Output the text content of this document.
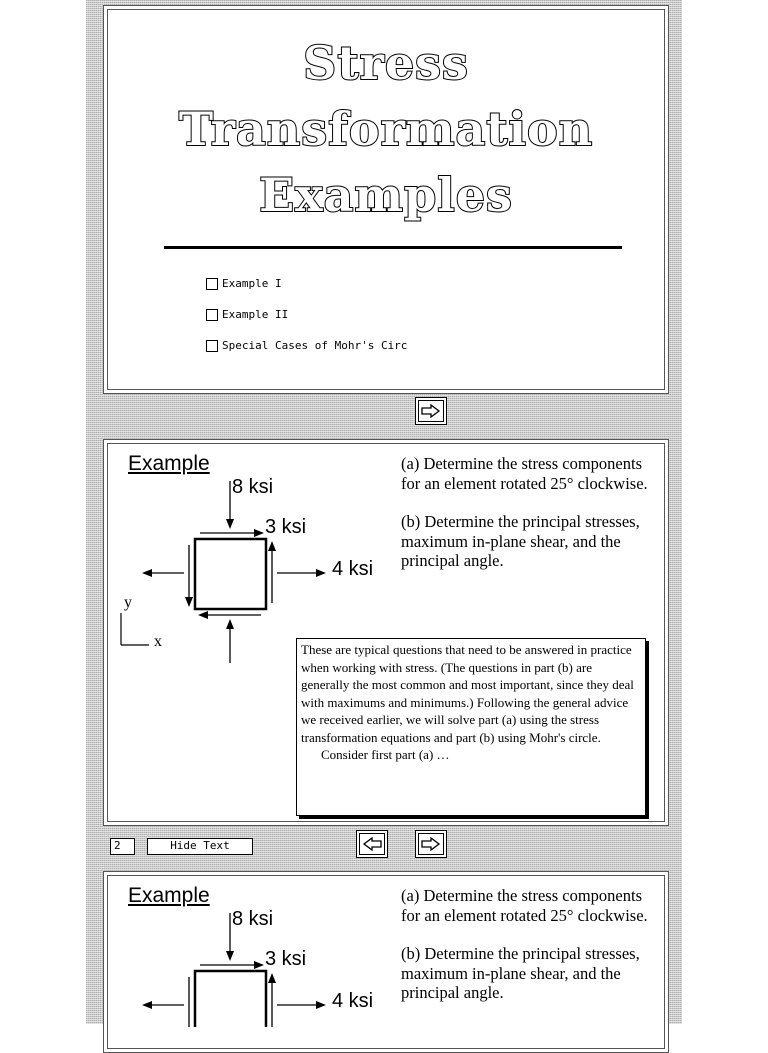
Stress
Transformation
Examples
Example I
Example II
Special Cases of Mohr's Circ
Example
8 ksi
3 ksi
4 ksi
y
x

(a) Determine the stress components for an element rotated 25° clockwise.

(b) Determine the principal stresses, maximum in-plane shear, and the principal angle.

These are typical questions that need to be answered in practice when working with stress. (The questions in part (b) are generally the most common and most important, since they deal with maximums and minimums.) Following the general advice we received earlier, we will solve part (a) using the stress transformation equations and part (b) using Mohr's circle.
Consider first part (a) …
2	Hide Text
Example
8 ksi
3 ksi
4 ksi

(a) Determine the stress components for an element rotated 25° clockwise.

(b) Determine the principal stresses, maximum in-plane shear, and the principal angle.
